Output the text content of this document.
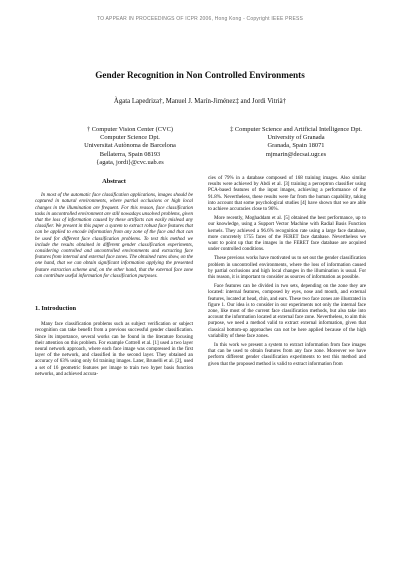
TO APPEAR IN PROCEEDINGS OF ICPR 2006, Hong Kong - Copyright IEEE PRESS
Gender Recognition in Non Controlled Environments
Àgata Lapedriza†, Manuel J. Marín-Jiménez‡ and Jordi Vitrià†
† Computer Vision Center (CVC)
Computer Science Dpt.
Universitat Autònoma de Barcelona
Bellaterra, Spain 08193
{agata, jordi}@cvc.uab.es
‡ Computer Science and Artificial Intelligence Dpt.
University of Granada
Granada, Spain 18071
mjmarin@decsai.ugr.es
Abstract

In most of the automatic face classification applications, images should be captured in natural environments, where partial occlusions or high local changes in the illumination are frequent. For this reason, face classification tasks in uncontrolled environment are still nowadays unsolved problems, given that the loss of information caused by these artifacts can easily mislead any classifier. We present in this paper a system to extract robust face features that can be applied to encode information from any zone of the face and that can be used for different face classification problems. To test this method we include the results obtained in different gender classification experiments, considering controlled and uncontrolled environments and extracting face features from internal and external face zones. The obtained rates show, on the one hand, that we can obtain significant information applying the presented feature extraction scheme and, on the other hand, that the external face zone can contribute useful information for classification purposes.

1. Introduction

Many face classification problems such as subject verification or subject recognition can take benefit from a previous successful gender classification. Since its importance, several works can be found in the literature focusing their attention on this problem. For example Cottrell et al. [1] used a two layer neural network approach, where each face image was compressed in the first layer of the network, and classified in the second layer. They obtained an accuracy of 63% using only 64 training images. Later, Brunelli et al. [2], used a set of 16 geometric features per image to train two hyper basis function networks, and achieved accura-

cies of 79% in a database composed of 168 training images. Also similar results were achieved by Abdi et al. [3] training a perceptron classifier using PCA-based features of the input images, achieving a performance of the 91.8%. Nevertheless, these results were far from the human capability, taking into account that some psychological studies [4] have shown that we are able to achieve accuracies close to 96%.

More recently, Moghaddam et al. [5] obtained the best performance, up to our knowledge, using a Support Vector Machine with Radial Basis Function kernels. They achieved a 96.6% recognition rate using a large face database, more concretely 1755 faces of the FERET face database. Nevertheless we want to point up that the images in the FERET face database are acquired under controlled conditions.

These previous works have motivated us to set out the gender classification problem in uncontrolled environments, where the loss of information caused by partial occlusions and high local changes in the illumination is usual. For this reason, it is important to consider as sources of information as possible.

Face features can be divided in two sets, depending on the zone they are located: internal features, composed by eyes, nose and mouth, and external features, located at head, chin, and ears. These two face zones are illustrated in figure 1. Our idea is to consider in our experiments not only the internal face zone, like most of the current face classification methods, but also take into account the information located at external face zone. Nevertheless, to aim this purpose, we need a method valid to extract external information, given that classical bottom-up approaches can not be here applied because of the high variability of these face zones.

In this work we present a system to extract information from face images that can be used to obtain features from any face zone. Moreover we have perform different gender classification experiments to test this method and given that the proposed method is valid to extract information from
